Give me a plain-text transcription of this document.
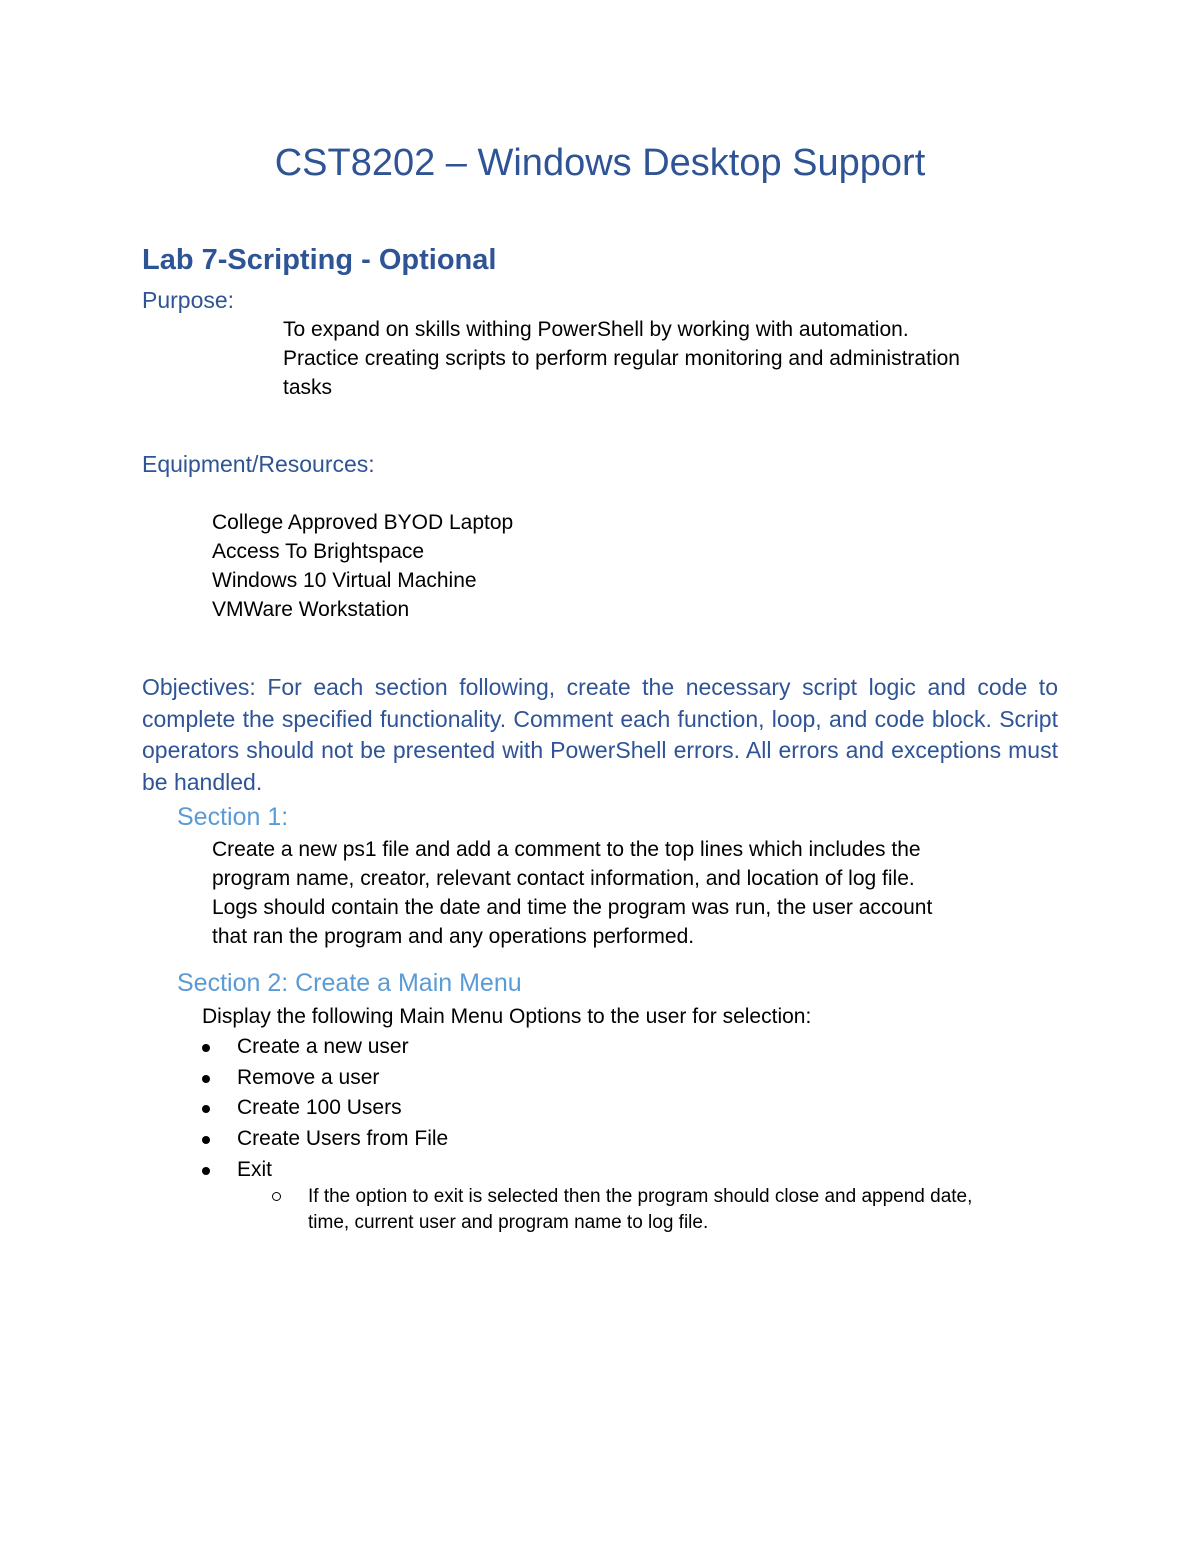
CST8202 – Windows Desktop Support
Lab 7-Scripting - Optional
Purpose:
To expand on skills withing PowerShell by working with automation.
Practice creating scripts to perform regular monitoring and administration
tasks
Equipment/Resources:
College Approved BYOD Laptop
Access To Brightspace
Windows 10 Virtual Machine
VMWare Workstation
Objectives: For each section following, create the necessary script logic and code to complete the specified functionality. Comment each function, loop, and code block. Script operators should not be presented with PowerShell errors. All errors and exceptions must be handled.
Section 1:
Create a new ps1 file and add a comment to the top lines which includes the
program name, creator, relevant contact information, and location of log file.
Logs should contain the date and time the program was run, the user account
that ran the program and any operations performed.
Section 2: Create a Main Menu
Display the following Main Menu Options to the user for selection:
Create a new user
Remove a user
Create 100 Users
Create Users from File
Exit
If the option to exit is selected then the program should close and append date,
time, current user and program name to log file.
